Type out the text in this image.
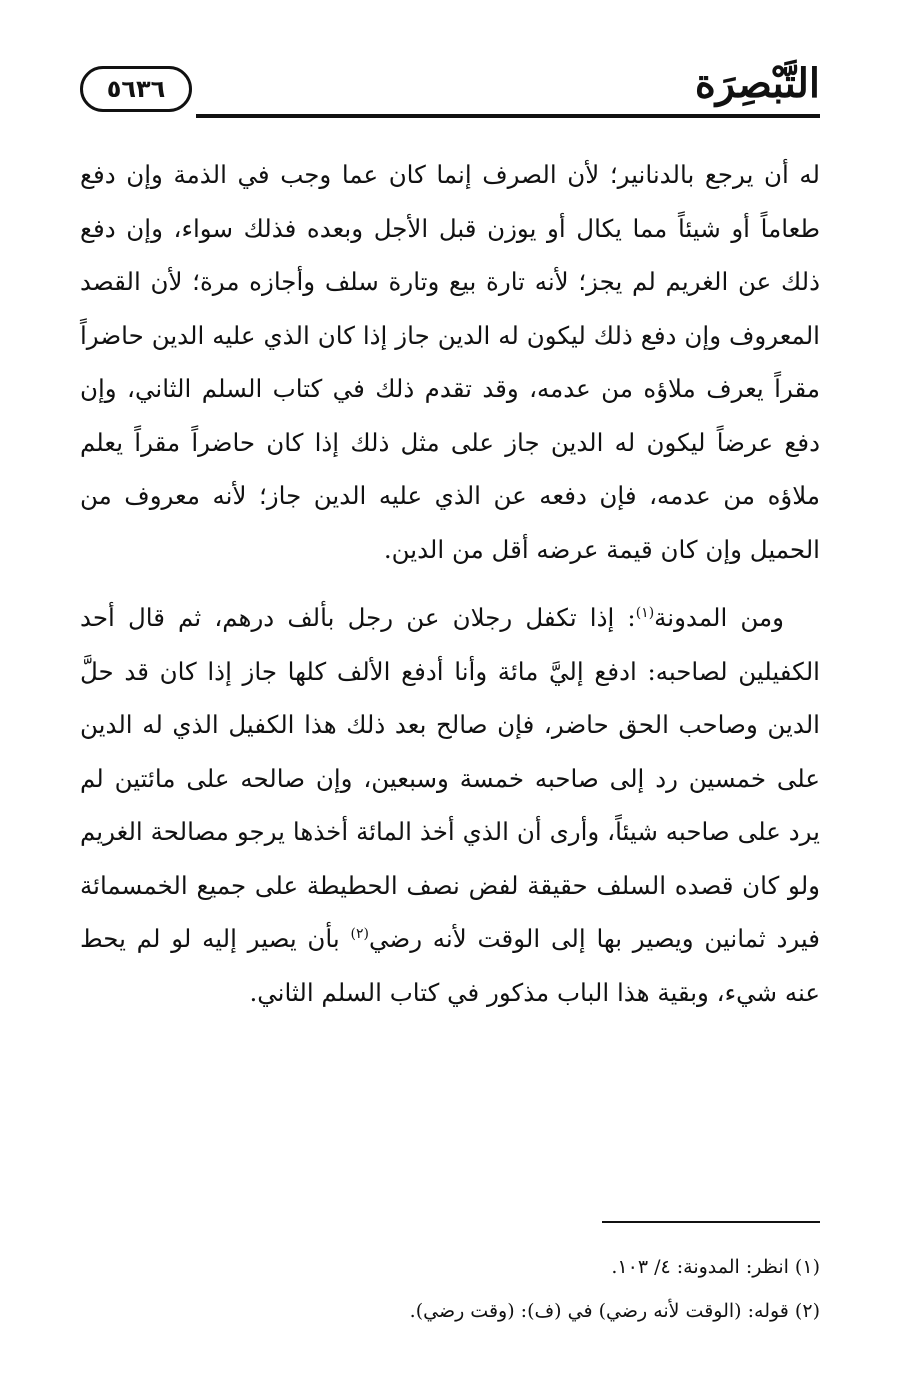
التَّبْصِرَة
٥٦٣٦

له أن يرجع بالدنانير؛ لأن الصرف إنما كان عما وجب في الذمة وإن دفع طعاماً أو شيئاً مما يكال أو يوزن قبل الأجل وبعده فذلك سواء، وإن دفع ذلك عن الغريم لم يجز؛ لأنه تارة بيع وتارة سلف وأجازه مرة؛ لأن القصد المعروف وإن دفع ذلك ليكون له الدين جاز إذا كان الذي عليه الدين حاضراً مقراً يعرف ملاؤه من عدمه، وقد تقدم ذلك في كتاب السلم الثاني، وإن دفع عرضاً ليكون له الدين جاز على مثل ذلك إذا كان حاضراً مقراً يعلم ملاؤه من عدمه، فإن دفعه عن الذي عليه الدين جاز؛ لأنه معروف من الحميل وإن كان قيمة عرضه أقل من الدين.

ومن المدونة$^{(١)}$: إذا تكفل رجلان عن رجل بألف درهم، ثم قال أحد الكفيلين لصاحبه: ادفع إليَّ مائة وأنا أدفع الألف كلها جاز إذا كان قد حلَّ الدين وصاحب الحق حاضر، فإن صالح بعد ذلك هذا الكفيل الذي له الدين على خمسين رد إلى صاحبه خمسة وسبعين، وإن صالحه على مائتين لم يرد على صاحبه شيئاً، وأرى أن الذي أخذ المائة أخذها يرجو مصالحة الغريم ولو كان قصده السلف حقيقة لفض نصف الحطيطة على جميع الخمسمائة فيرد ثمانين ويصير بها إلى الوقت لأنه رضي$^{(٢)}$ بأن يصير إليه لو لم يحط عنه شيء، وبقية هذا الباب مذكور في كتاب السلم الثاني.

(١) انظر: المدونة: ٤/ ١٠٣.

(٢) قوله: (الوقت لأنه رضي) في (ف): (وقت رضي).
